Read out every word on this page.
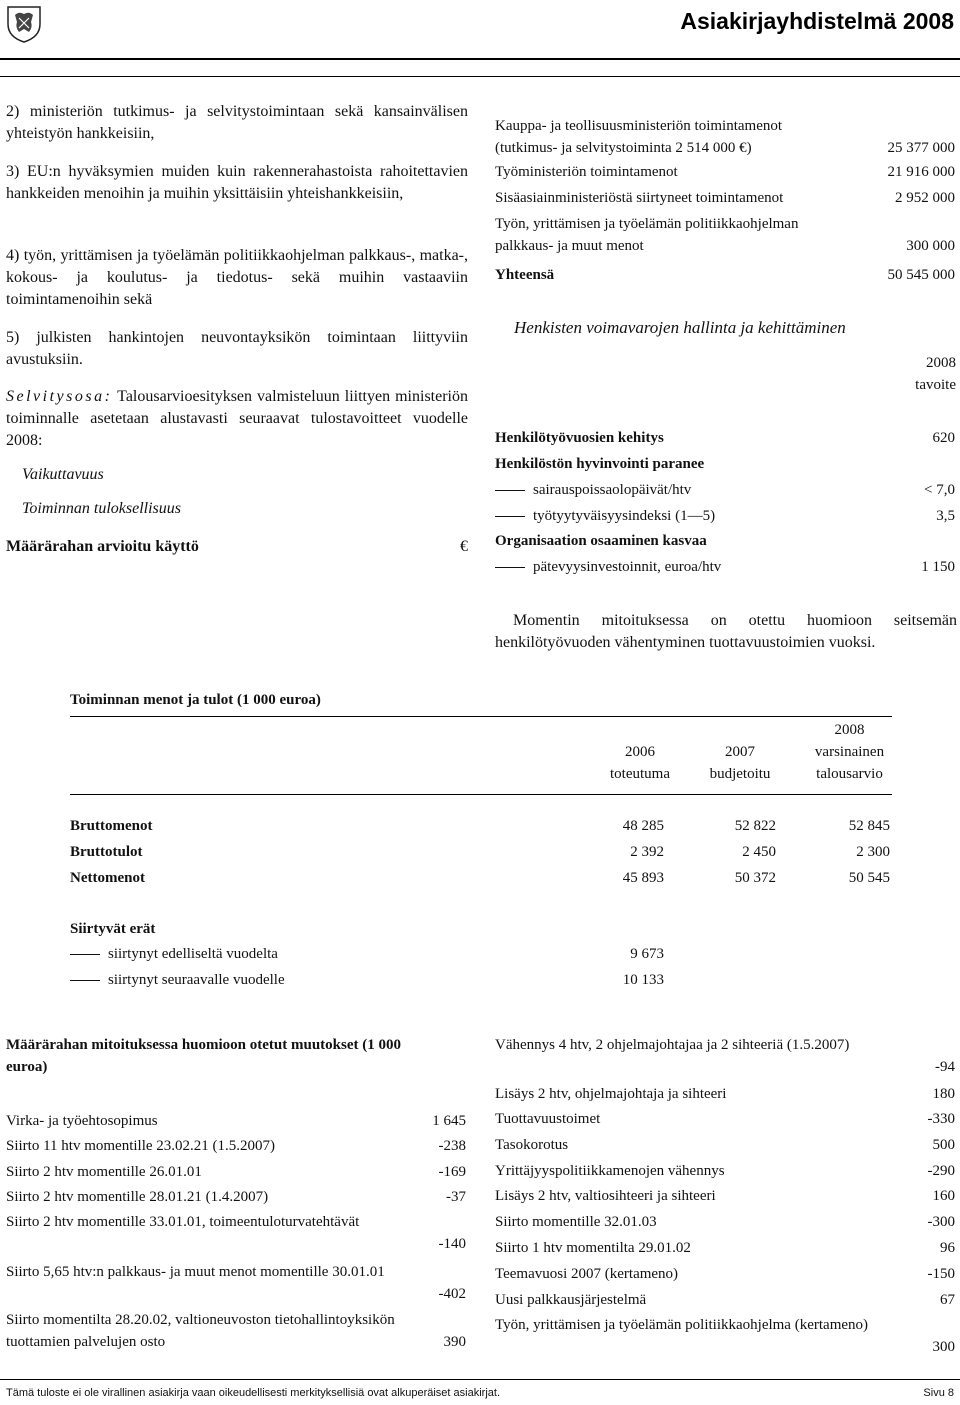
Asiakirjayhdistelmä 2008
2) ministeriön tutkimus- ja selvitystoimintaan sekä kansainvälisen yhteistyön hankkeisiin,
3) EU:n hyväksymien muiden kuin rakennerahastoista rahoitettavien hankkeiden menoihin ja muihin yksittäisiin yhteishankkeisiin,
4) työn, yrittämisen ja työelämän politiikkaohjelman palkkaus-, matka-, kokous- ja koulutus- ja tiedotus- sekä muihin vastaaviin toimintamenoihin sekä
5) julkisten hankintojen neuvontayksikön toimintaan liittyviin avustuksiin.
Selvitysosa: Talousarvioesityksen valmisteluun liittyen ministeriön toiminnalle asetetaan alustavasti seuraavat tulostavoitteet vuodelle 2008:
Vaikuttavuus
Toiminnan tuloksellisuus
Määrärahan arvioitu käyttö	€
Kauppa- ja teollisuusministeriön toimintamenot (tutkimus- ja selvitystoiminta 2 514 000 €)	25 377 000
Työministeriön toimintamenot	21 916 000
Sisäasiainministeriöstä siirtyneet toimintamenot	2 952 000
Työn, yrittämisen ja työelämän politiikkaohjelman palkkaus- ja muut menot	300 000
Yhteensä	50 545 000
Henkisten voimavarojen hallinta ja kehittäminen
2008
tavoite
Henkilötyövuosien kehitys	620
Henkilöstön hyvinvointi paranee
sairauspoissaolopäivät/htv	< 7,0
työtyytyväisyysindeksi (1—5)	3,5
Organisaation osaaminen kasvaa
pätevyysinvestoinnit, euroa/htv	1 150
Momentin mitoituksessa on otettu huomioon seitsemän henkilötyövuoden vähentyminen tuottavuustoimien vuoksi.
Toiminnan menot ja tulot (1 000 euroa)
2006
toteutuma
2007
budjetoitu
2008
varsinainen
talousarvio
Bruttomenot	48 285	52 822	52 845
Bruttotulot	2 392	2 450	2 300
Nettomenot	45 893	50 372	50 545
Siirtyvät erät
siirtynyt edelliseltä vuodelta	9 673
siirtynyt seuraavalle vuodelle	10 133
Määrärahan mitoituksessa huomioon otetut muutokset (1 000 euroa)
Virka- ja työehtosopimus	1 645
Siirto 11 htv momentille 23.02.21 (1.5.2007)	-238
Siirto 2 htv momentille 26.01.01	-169
Siirto 2 htv momentille 28.01.21 (1.4.2007)	-37
Siirto 2 htv momentille 33.01.01, toimeentuloturvatehtävät
-140
Siirto 5,65 htv:n palkkaus- ja muut menot momentille 30.01.01
-402
Siirto momentilta 28.20.02, valtioneuvoston tietohallintoyksikön tuottamien palvelujen osto	390
Vähennys 4 htv, 2 ohjelmajohtajaa ja 2 sihteeriä (1.5.2007)
-94
Lisäys 2 htv, ohjelmajohtaja ja sihteeri	180
Tuottavuustoimet	-330
Tasokorotus	500
Yrittäjyyspolitiikkamenojen vähennys	-290
Lisäys 2 htv, valtiosihteeri ja sihteeri	160
Siirto momentille 32.01.03	-300
Siirto 1 htv momentilta 29.01.02	96
Teemavuosi 2007 (kertameno)	-150
Uusi palkkausjärjestelmä	67
Työn, yrittämisen ja työelämän politiikkaohjelma (kertameno)
300
Tämä tuloste ei ole virallinen asiakirja vaan oikeudellisesti merkityksellisiä ovat alkuperäiset asiakirjat.	Sivu 8
